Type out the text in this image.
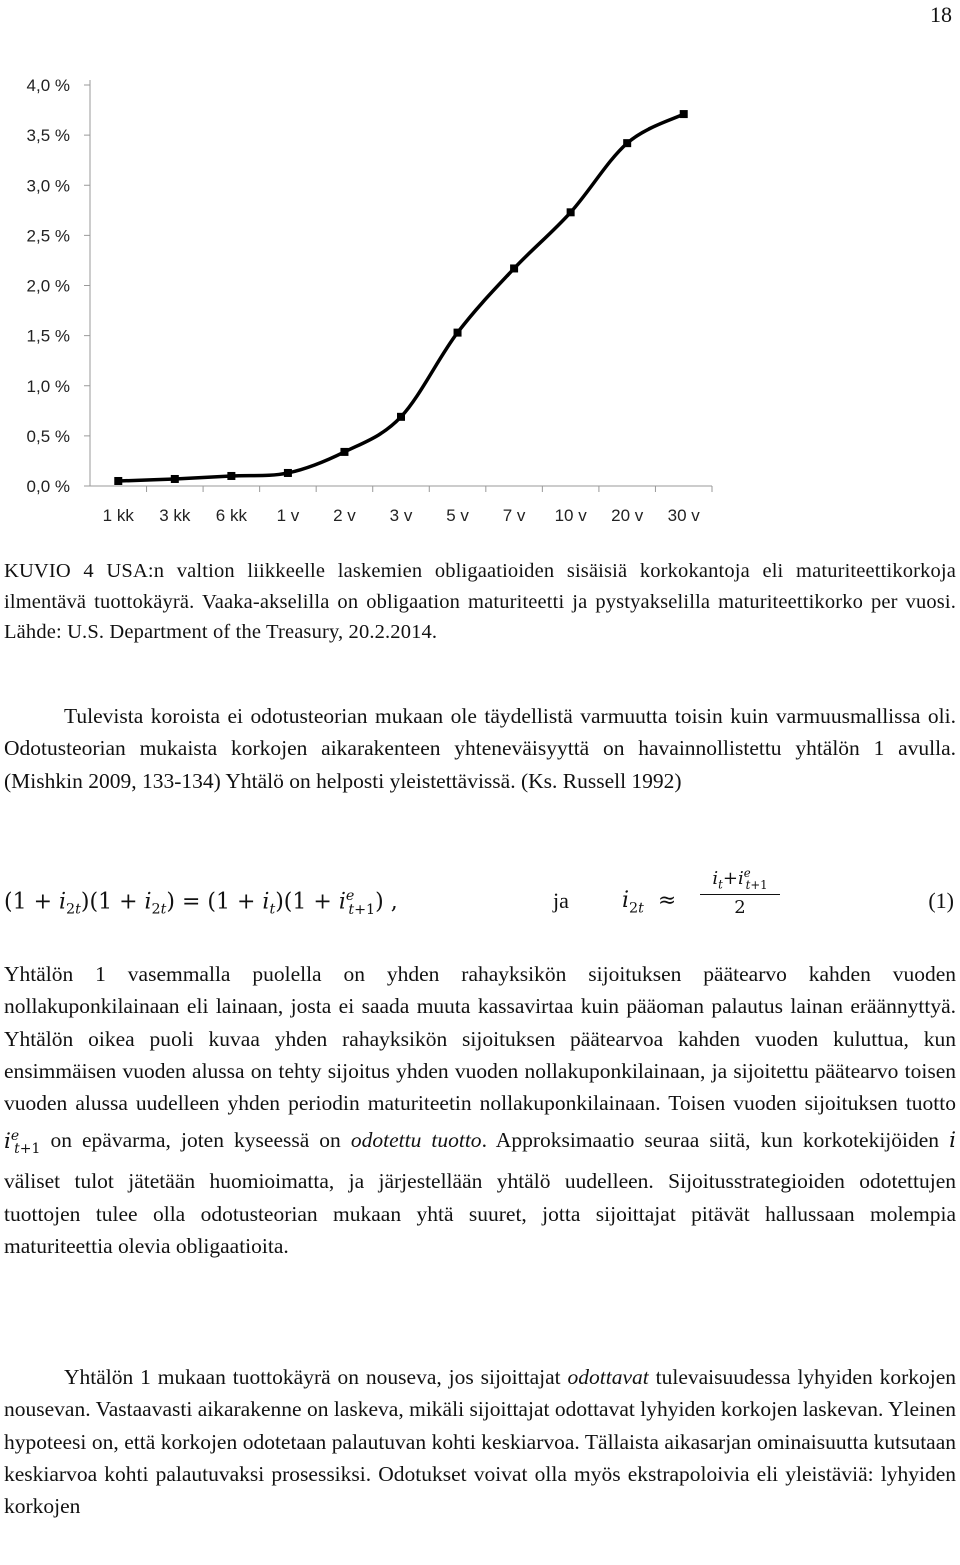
18
0,0 %
0,5 %
1,0 %
1,5 %
2,0 %
2,5 %
3,0 %
3,5 %
4,0 %
1 kk 3 kk 6 kk 1 v 2 v 3 v 5 v 7 v 10 v 20 v 30 v
KUVIO 4 USA:n valtion liikkeelle laskemien obligaatioiden sisäisiä korkokantoja eli maturiteettikorkoja ilmentävä tuottokäyrä. Vaaka-akselilla on obligaation maturiteetti ja pystyakselilla maturiteettikorko per vuosi. Lähde: U.S. Department of the Treasury, 20.2.2014.
Tulevista koroista ei odotusteorian mukaan ole täydellistä varmuutta toisin kuin varmuusmallissa oli. Odotusteorian mukaista korkojen aikarakenteen yhteneväisyyttä on havainnollistettu yhtälön 1 avulla. (Mishkin 2009, 133-134) Yhtälö on helposti yleistettävissä. (Ks. Russell 1992)
$(1 + i_{2t})(1 + i_{2t}) = (1 + i_t)(1 + i^e_{t+1})$ ,	ja $i_{2t}$  ≈
$i_t+i^e_{t+1}$
2	(1)
Yhtälön 1 vasemmalla puolella on yhden rahayksikön sijoituksen päätearvo kahden vuoden nollakuponkilainaan eli lainaan, josta ei saada muuta kassavirtaa kuin pääoman palautus lainan eräännyttyä. Yhtälön oikea puoli kuvaa yhden rahayksikön sijoituksen päätearvoa kahden vuoden kuluttua, kun ensimmäisen vuoden alussa on tehty sijoitus yhden vuoden nollakuponkilainaan, ja sijoitettu päätearvo toisen vuoden alussa uudelleen yhden periodin maturiteetin nollakuponkilainaan. Toisen vuoden sijoituksen tuotto $i^e_{t+1}$ on epävarma, joten kyseessä on odotettu tuotto. Approksimaatio seuraa siitä, kun korkotekijöiden i väliset tulot jätetään huomioimatta, ja järjestellään yhtälö uudelleen. Sijoitusstrategioiden odotettujen tuottojen tulee olla odotusteorian mukaan yhtä suuret, jotta sijoittajat pitävät hallussaan molempia maturiteettia olevia obligaatioita.
Yhtälön 1 mukaan tuottokäyrä on nouseva, jos sijoittajat odottavat tulevaisuudessa lyhyiden korkojen nousevan. Vastaavasti aikarakenne on laskeva, mikäli sijoittajat odottavat lyhyiden korkojen laskevan. Yleinen hypoteesi on, että korkojen odotetaan palautuvan kohti keskiarvoa. Tällaista aikasarjan ominaisuutta kutsutaan keskiarvoa kohti palautuvaksi prosessiksi. Odotukset voivat olla myös ekstrapoloivia eli yleistäviä: lyhyiden korkojen
